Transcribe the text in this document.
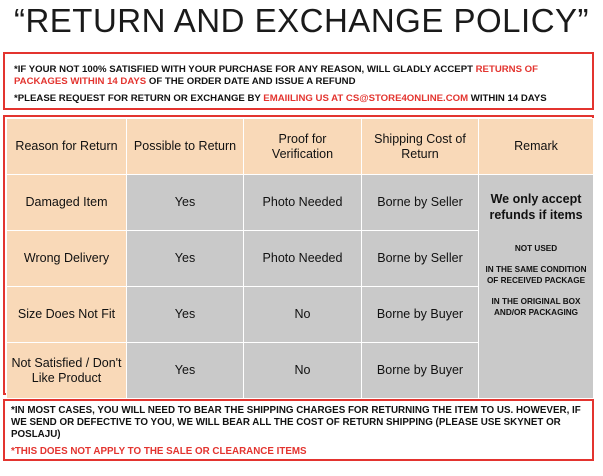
“RETURN AND EXCHANGE POLICY”

*IF YOUR NOT 100% SATISFIED WITH YOUR PURCHASE FOR ANY REASON, WILL GLADLY ACCEPT RETURNS OF PACKAGES WITHIN 14 DAYS OF THE ORDER DATE AND ISSUE A REFUND

*PLEASE REQUEST FOR RETURN OR EXCHANGE BY EMAIILING US AT CS@STORE4ONLINE.COM WITHIN 14 DAYS

Reason for Return	Possible to Return	Proof for Verification	Shipping Cost of Return	Remark
Damaged Item	Yes	Photo Needed	Borne by Seller	We only accept refunds if items
NOT USED
IN THE SAME CONDITION OF RECEIVED PACKAGE
IN THE ORIGINAL BOX AND/OR PACKAGING

Wrong Delivery	Yes	Photo Needed	Borne by Seller	
Size Does Not Fit	Yes	No	Borne by Buyer	
Not Satisfied / Don't Like Product	Yes	No	Borne by Buyer	

*IN MOST CASES, YOU WILL NEED TO BEAR THE SHIPPING CHARGES FOR RETURNING THE ITEM TO US. HOWEVER, IF WE SEND OR DEFECTIVE TO YOU, WE WILL BEAR ALL THE COST OF RETURN SHIPPING (PLEASE USE SKYNET OR POSLAJU)

*THIS DOES NOT APPLY TO THE SALE OR CLEARANCE ITEMS
